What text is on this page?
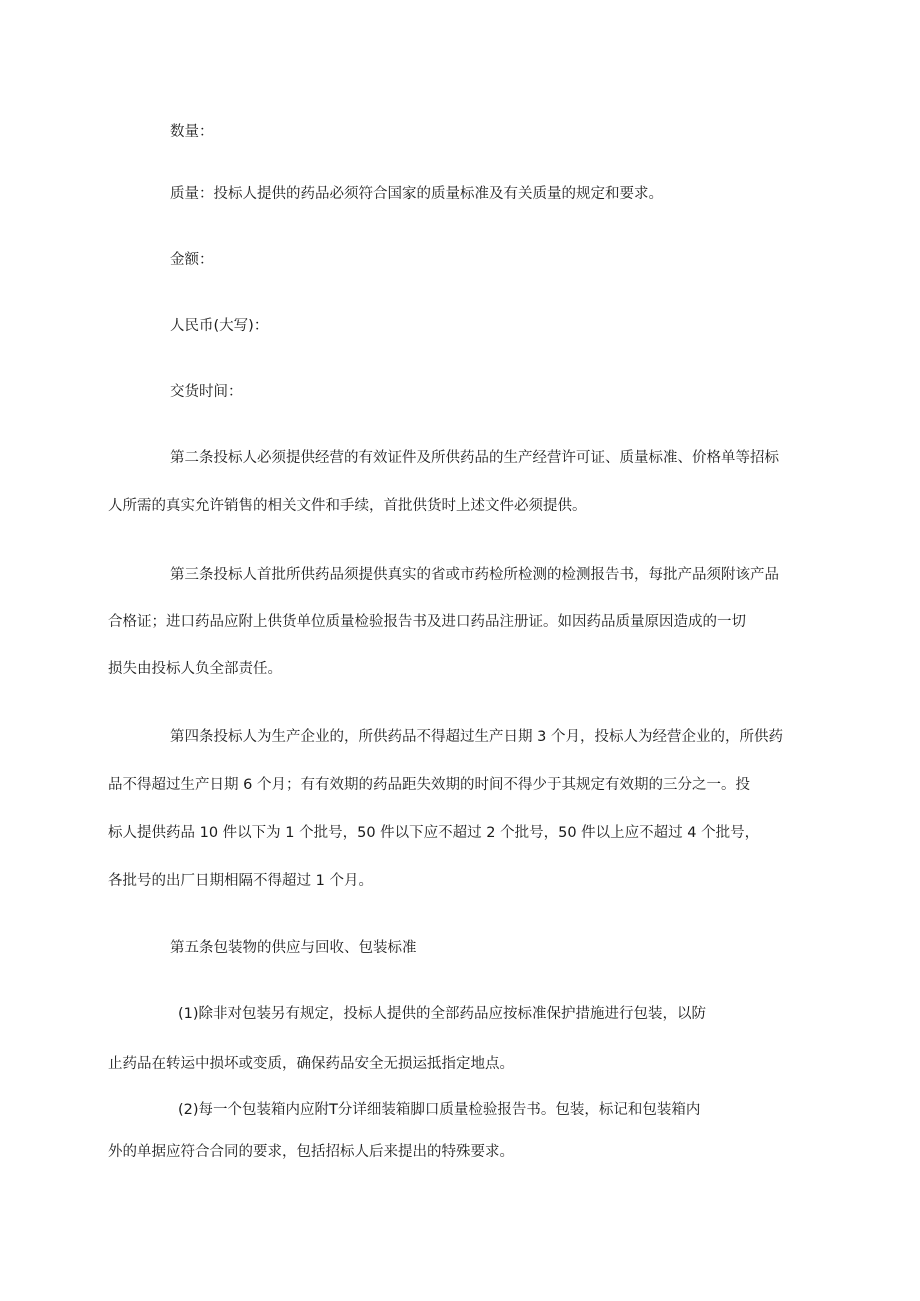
数量：
质量：投标人提供的药品必须符合国家的质量标准及有关质量的规定和要求。
金额：
人民币(大写)：
交货时间：
第二条投标人必须提供经营的有效证件及所供药品的生产经营许可证、质量标准、价格单等招标
人所需的真实允许销售的相关文件和手续，首批供货时上述文件必须提供。
第三条投标人首批所供药品须提供真实的省或市药检所检测的检测报告书，每批产品须附该产品
合格证；进口药品应附上供货单位质量检验报告书及进口药品注册证。如因药品质量原因造成的一切
损失由投标人负全部责任。
第四条投标人为生产企业的，所供药品不得超过生产日期 3 个月，投标人为经营企业的，所供药
品不得超过生产日期 6 个月；有有效期的药品距失效期的时间不得少于其规定有效期的三分之一。投
标人提供药品 10 件以下为 1 个批号，50 件以下应不超过 2 个批号，50 件以上应不超过 4 个批号，
各批号的出厂日期相隔不得超过 1 个月。
第五条包装物的供应与回收、包装标准
(1)除非对包装另有规定，投标人提供的全部药品应按标准保护措施进行包装，以防
止药品在转运中损坏或变质，确保药品安全无损运抵指定地点。
(2)每一个包装箱内应附T分详细装箱脚口质量检验报告书。包装，标记和包装箱内
外的单据应符合合同的要求，包括招标人后来提出的特殊要求。
